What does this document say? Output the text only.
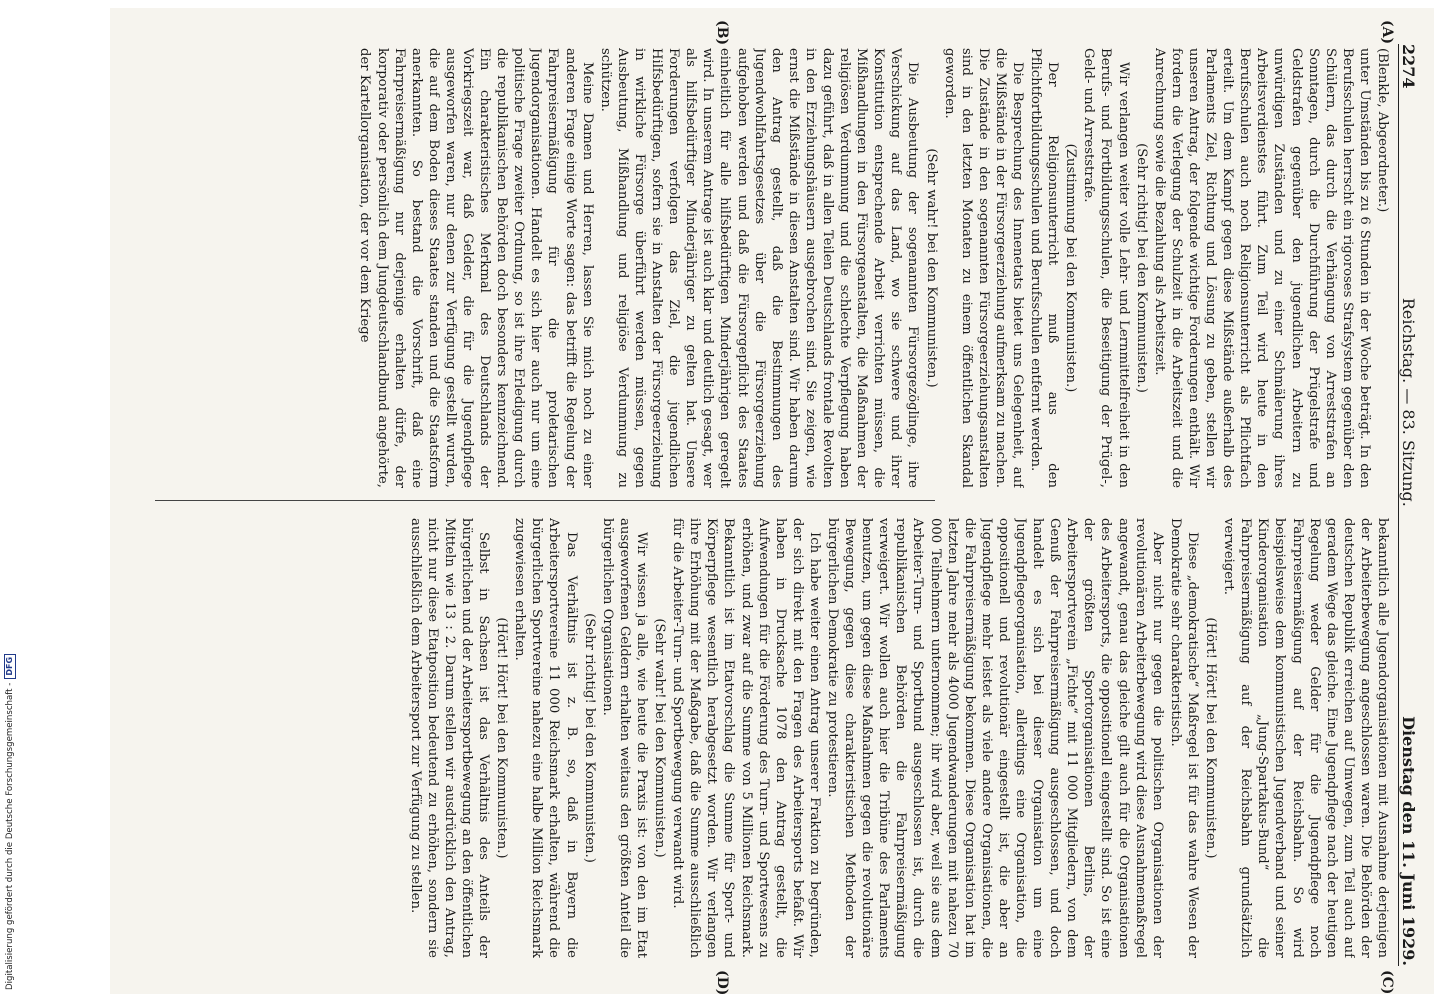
2274
Reichstag. — 83. Sitzung.
Dienstag den 11. Juni 1929.
(A)
(B)
(C)
(D)

(Blenkle, Abgeordneter.)

unter Umständen bis zu 6 Stunden in der Woche beträgt. In den Berufsschulen herrscht ein rigoroses Strafsystem gegenüber den Schülern, das durch die Verhängung von Arreststrafen an Sonntagen, durch die Durchführung der Prügelstrafe und Geldstrafen gegenüber den jugendlichen Arbeitern zu unwürdigen Zuständen und zu einer Schmälerung ihres Arbeitsverdienstes führt. Zum Teil wird heute in den Berufsschulen auch noch Religionsunterricht als Pflichtfach erteilt. Um dem Kampf gegen diese Mißstände außerhalb des Parlaments Ziel, Richtung und Lösung zu geben, stellen wir unseren Antrag, der folgende wichtige Forderungen enthält. Wir fordern die Verlegung der Schulzeit in die Arbeitszeit und die Anrechnung sowie die Bezahlung als Arbeitszeit.

(Sehr richtig! bei den Kommunisten.)

Wir verlangen weiter volle Lehr- und Lernmittelfreiheit in den Berufs- und Fortbildungsschulen, die Beseitigung der Prügel-, Geld- und Arreststrafe.

(Zustimmung bei den Kommunisten.)

Der Religionsunterricht muß aus den Pflichtfortbildungsschulen und Berufsschulen entfernt werden.

Die Besprechung des Innenetats bietet uns Gelegenheit, auf die Mißstände in der Fürsorgeerziehung aufmerksam zu machen. Die Zustände in den sogenannten Fürsorgeerziehungsanstalten sind in den letzten Monaten zu einem öffentlichen Skandal geworden.

(Sehr wahr! bei den Kommunisten.)

Die Ausbeutung der sogenannten Fürsorgezöglinge, ihre Verschickung auf das Land, wo sie schwere und ihrer Konstitution entsprechende Arbeit verrichten müssen, die Mißhandlungen in den Fürsorgeanstalten, die Maßnahmen der religiösen Verdummung und die schlechte Verpflegung haben dazu geführt, daß in allen Teilen Deutschlands frontale Revolten in den Erziehungshäusern ausgebrochen sind. Sie zeigen, wie ernst die Mißstände in diesen Anstalten sind. Wir haben darum den Antrag gestellt, daß die Bestimmungen des Jugendwohlfahrtsgesetzes über die Fürsorgeerziehung aufgehoben werden und daß die Fürsorgepflicht des Staates einheitlich für alle hilfsbedürftigen Minderjährigen geregelt wird. In unserem Antrage ist auch klar und deutlich gesagt, wer als hilfsbedürftiger Minderjähriger zu gelten hat. Unsere Forderungen verfolgen das Ziel, die jugendlichen Hilfsbedürftigen, sofern sie in Anstalten der Fürsorgeerziehung in wirkliche Fürsorge überführt werden müssen, gegen Ausbeutung, Mißhandlung und religiöse Verdummung zu schützen.

Meine Damen und Herren, lassen Sie mich noch zu einer anderen Frage einige Worte sagen: das betrifft die Regelung der Fahrpreisermäßigung für die proletarischen Jugendorganisationen. Handelt es sich hier auch nur um eine politische Frage zweiter Ordnung, so ist ihre Erledigung durch die republikanischen Behörden doch besonders kennzeichnend. Ein charakteristisches Merkmal des Deutschlands der Vorkriegszeit war, daß Gelder, die für die Jugendpflege ausgeworfen waren, nur denen zur Verfügung gestellt wurden, die auf dem Boden dieses Staates standen und die Staatsform anerkannten. So bestand die Vorschrift, daß eine Fahrpreisermäßigung nur derjenige erhalten dürfe, der korporativ oder persönlich dem Jungdeutschlandbund angehörte, der Kartellorganisation, der vor dem Kriege

bekanntlich alle Jugendorganisationen mit Ausnahme derjenigen der Arbeiterbewegung angeschlossen waren. Die Behörden der deutschen Republik erreichen auf Umwegen, zum Teil auch auf geradem Wege das gleiche. Eine Jugendpflege nach der heutigen Regelung weder Gelder für die Jugendpflege noch Fahrpreisermäßigung auf der Reichsbahn. So wird beispielsweise dem kommunistischen Jugendverband und seiner Kinderorganisation „Jung-Spartakus-Bund“ die Fahrpreisermäßigung auf der Reichsbahn grundsätzlich verweigert.

(Hört! Hört! bei den Kommunisten.)

Diese „demokratische“ Maßregel ist für das wahre Wesen der Demokratie sehr charakteristisch.

Aber nicht nur gegen die politischen Organisationen der revolutionären Arbeiterbewegung wird diese Ausnahmemaßregel angewandt, genau das gleiche gilt auch für die Organisationen des Arbeitersports, die oppositionell eingestellt sind. So ist eine der größten Sportorganisationen Berlins, der Arbeitersportverein „Fichte“ mit 11 000 Mitgliedern, von dem Genuß der Fahrpreisermäßigung ausgeschlossen, und doch handelt es sich bei dieser Organisation um eine Jugendpflegeorganisation, allerdings eine Organisation, die oppositionell und revolutionär eingestellt ist, die aber an Jugendpflege mehr leistet als viele andere Organisationen, die die Fahrpreisermäßigung bekommen. Diese Organisation hat im letzten Jahre mehr als 4000 Jugendwanderungen mit nahezu 70 000 Teilnehmern unternommen; ihr wird aber, weil sie aus dem Arbeiter-Turn- und Sportbund ausgeschlossen ist, durch die republikanischen Behörden die Fahrpreisermäßigung verweigert. Wir wollen auch hier die Tribüne des Parlaments benutzen, um gegen diese Maßnahmen gegen die revolutionäre Bewegung, gegen diese charakteristischen Methoden der bürgerlichen Demokratie zu protestieren.

Ich habe weiter einen Antrag unserer Fraktion zu begründen, der sich direkt mit den Fragen des Arbeitersports befaßt. Wir haben in Drucksache 1078 den Antrag gestellt, die Aufwendungen für die Förderung des Turn- und Sportwesens zu erhöhen, und zwar auf die Summe von 5 Millionen Reichsmark. Bekanntlich ist im Etatvorschlag die Summe für Sport- und Körperpflege wesentlich herabgesetzt worden. Wir verlangen ihre Erhöhung mit der Maßgabe, daß die Summe ausschließlich für die Arbeiter-Turn- und Sportbewegung verwandt wird.

(Sehr wahr! bei den Kommunisten.)

Wir wissen ja alle, wie heute die Praxis ist: von den im Etat ausgeworfenen Geldern erhalten weitaus den größten Anteil die bürgerlichen Organisationen.

(Sehr richtig! bei den Kommunisten.)

Das Verhältnis ist z. B. so, daß in Bayern die Arbeitersportvereine 11 000 Reichsmark erhalten, während die bürgerlichen Sportvereine nahezu eine halbe Million Reichsmark zugewiesen erhalten.

(Hört! Hört! bei den Kommunisten.)

Selbst in Sachsen ist das Verhältnis des Anteils der bürgerlichen und der Arbeitersportbewegung an den öffentlichen Mitteln wie 13 : 2. Darum stellen wir ausdrücklich den Antrag, nicht nur diese Etatposition bedeutend zu erhöhen, sondern sie ausschließlich dem Arbeitersport zur Verfügung zu stellen.

Digitalisierung gefördert durch die Deutsche Forschungsgemeinschaft -
DFG
